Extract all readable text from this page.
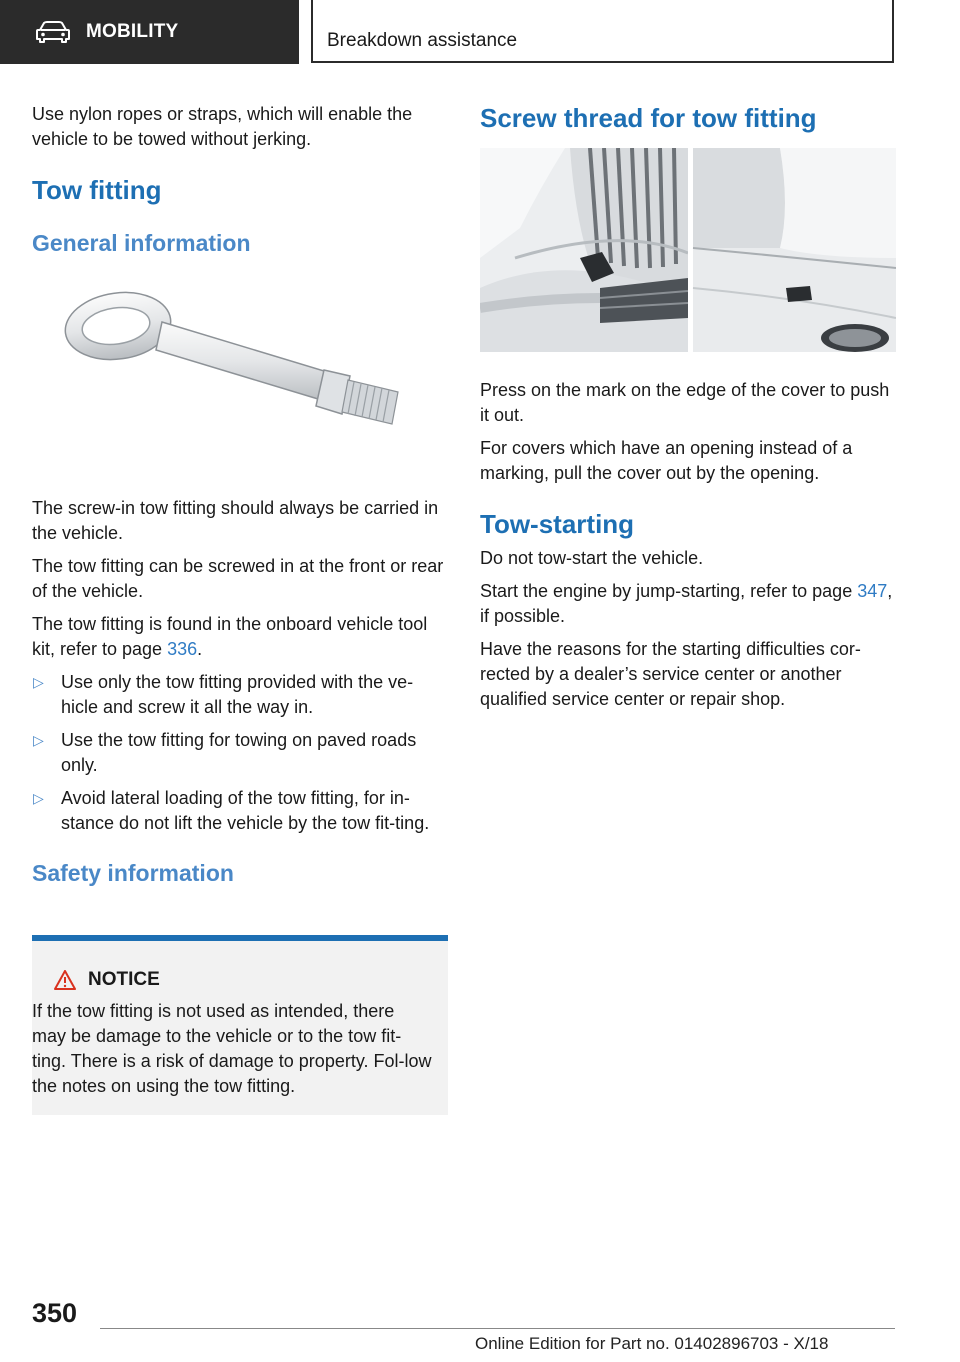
MOBILITY	Breakdown assistance

Use nylon ropes or straps, which will enable the vehicle to be towed without jerking.

Tow fitting
General information

The screw-in tow fitting should always be carried in the vehicle.

The tow fitting can be screwed in at the front or rear of the vehicle.

The tow fitting is found in the onboard vehicle tool kit, refer to page 336.

▷ Use only the tow fitting provided with the ve‐hicle and screw it all the way in.
▷ Use the tow fitting for towing on paved roads only.
▷ Avoid lateral loading of the tow fitting, for in‐stance do not lift the vehicle by the tow fit‐ting.
Safety information
NOTICE
If the tow fitting is not used as intended, there may be damage to the vehicle or to the tow fit‐ting. There is a risk of damage to property. Fol‐low the notes on using the tow fitting.
Screw thread for tow fitting

Press on the mark on the edge of the cover to push it out.

For covers which have an opening instead of a marking, pull the cover out by the opening.

Tow-starting

Do not tow-start the vehicle.

Start the engine by jump-starting, refer to page 347, if possible.

Have the reasons for the starting difficulties cor‐rected by a dealer’s service center or another qualified service center or repair shop.

350
Online Edition for Part no. 01402896703 - X/18
